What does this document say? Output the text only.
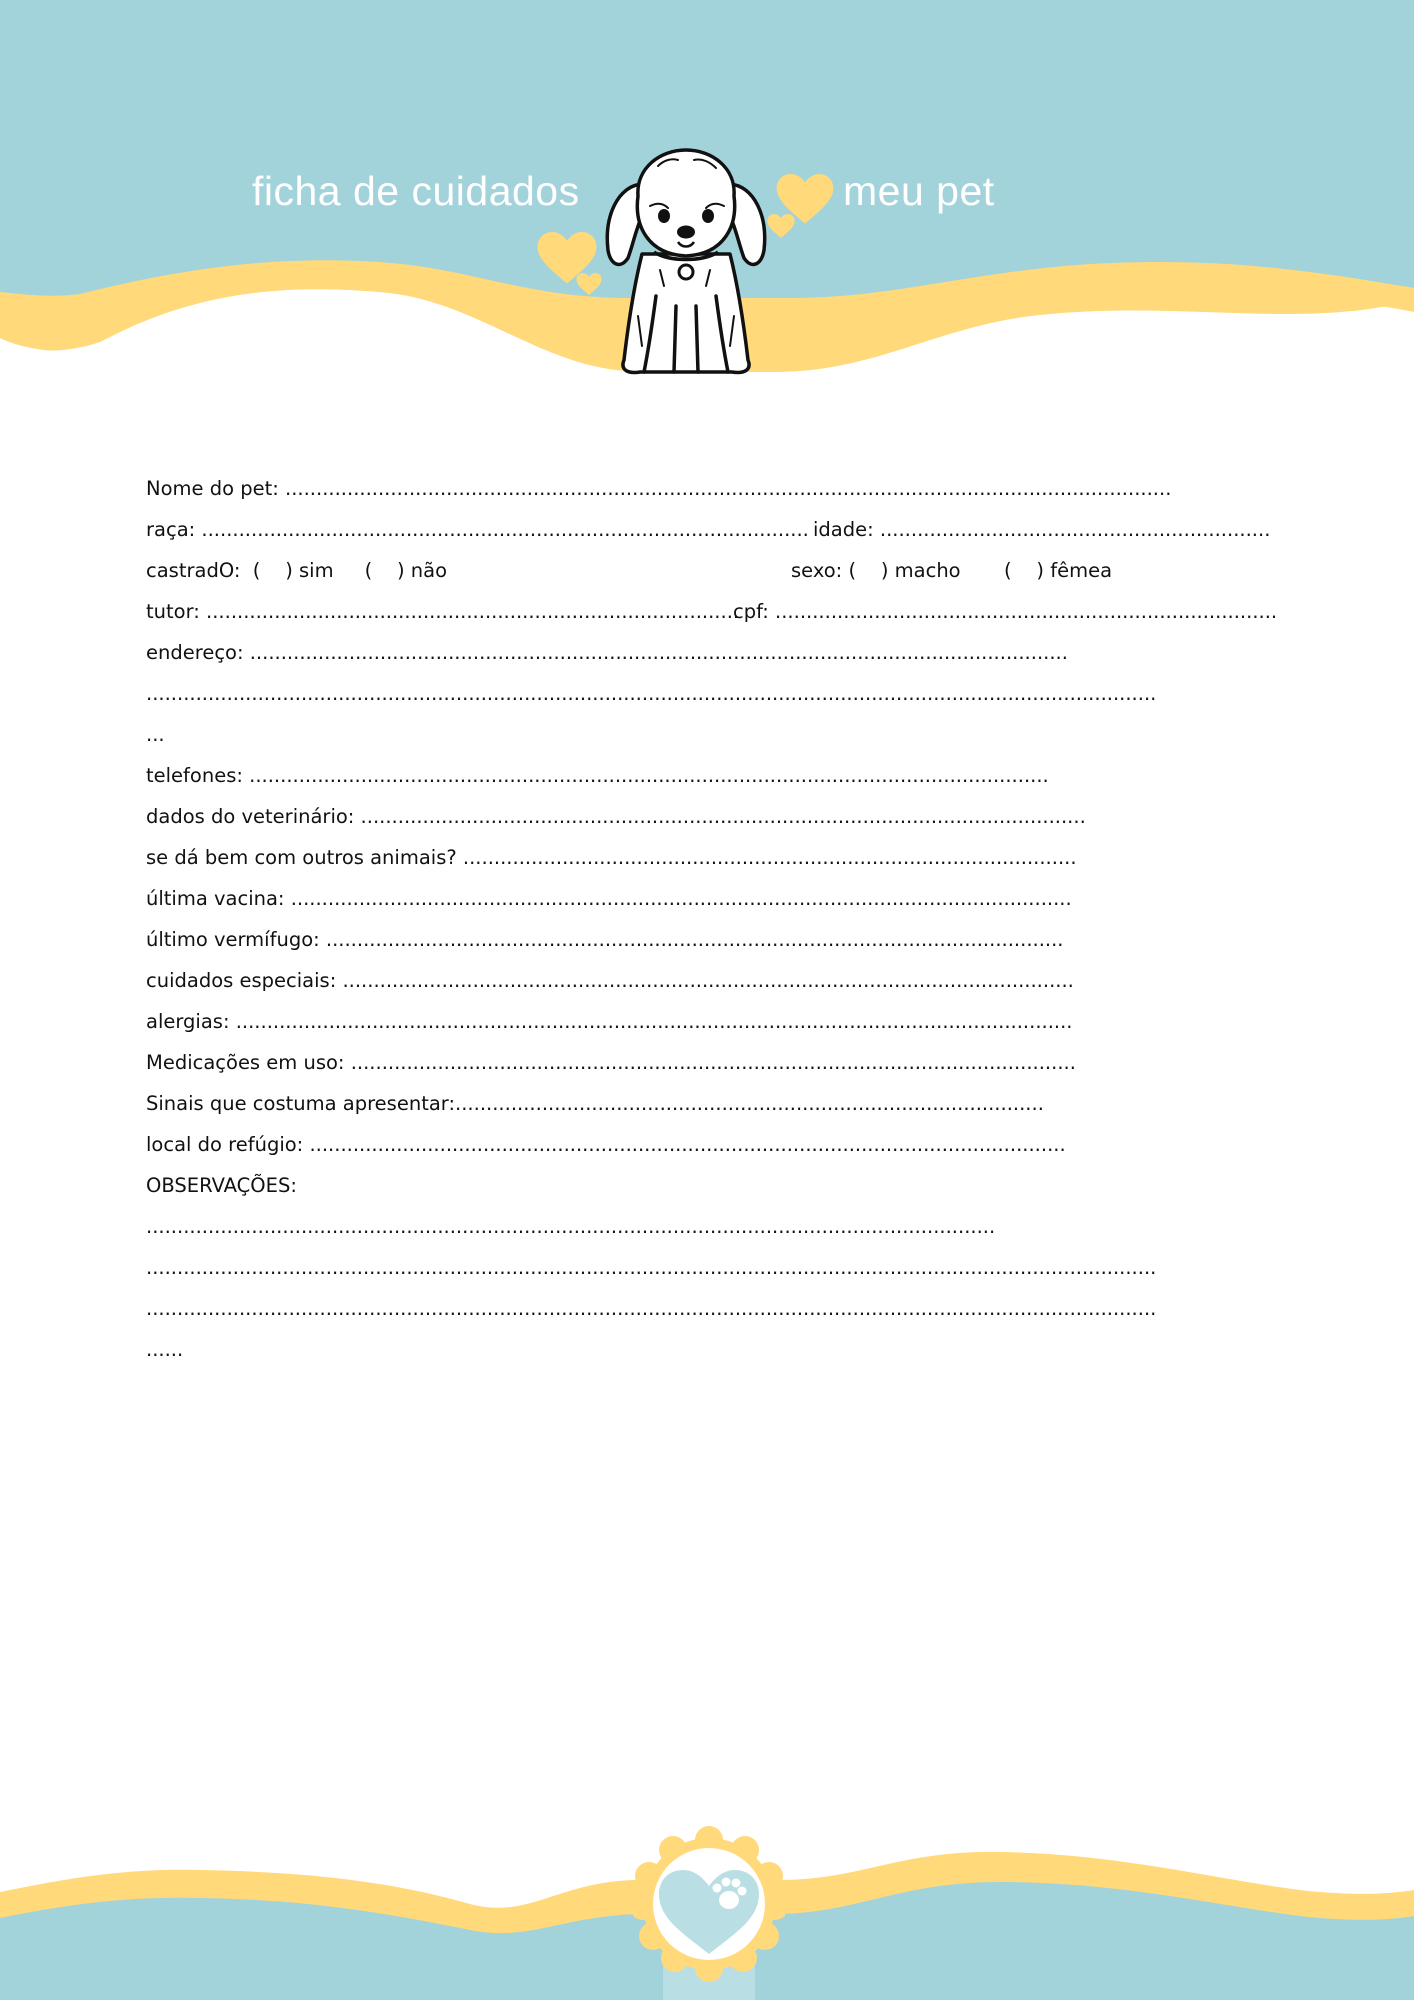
ficha de cuidados	meu pet
Nome do pet: ...............................................................................................................................................
raça: .................................................................................................. idade: ...............................................................
castradO:  (    ) sim     (    ) não	sexo: (    ) macho       (    ) fêmea
tutor: ......................................................................................
cpf: .................................................................................
endereço: ....................................................................................................................................
...................................................................................................................................................................
...
telefones: .................................................................................................................................
dados do veterinário: .....................................................................................................................
se dá bem com outros animais? ...................................................................................................
última vacina: ..............................................................................................................................
último vermífugo: .......................................................................................................................
cuidados especiais: ......................................................................................................................
alergias: .......................................................................................................................................
Medicações em uso: .....................................................................................................................
Sinais que costuma apresentar:...............................................................................................
local do refúgio: ..........................................................................................................................
OBSERVAÇÕES:
.........................................................................................................................................
...................................................................................................................................................................
...................................................................................................................................................................
......
